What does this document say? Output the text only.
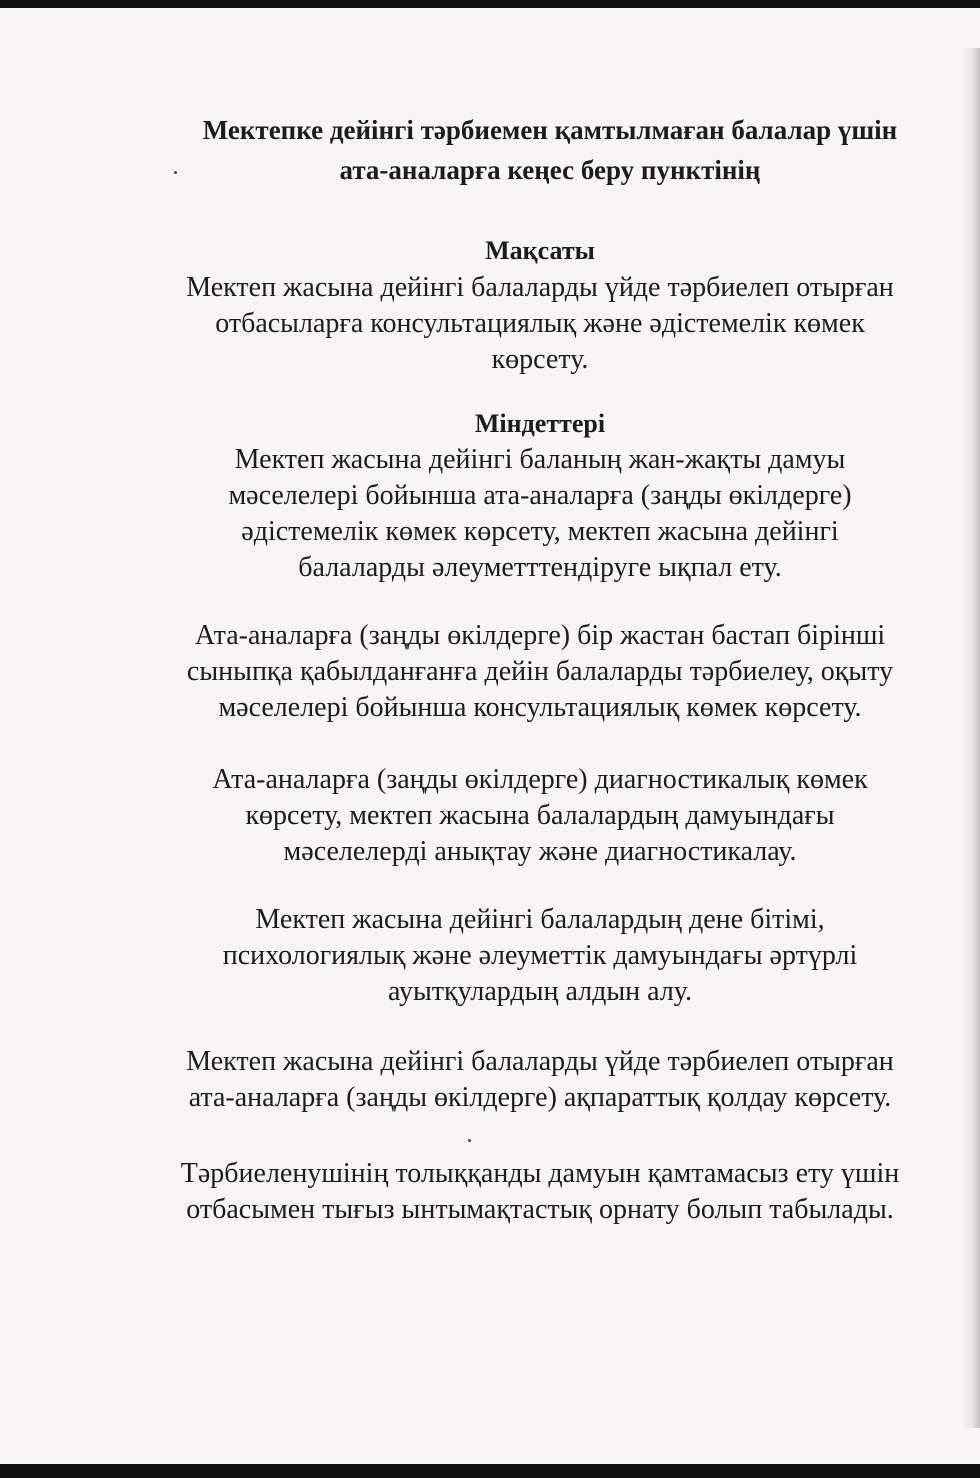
Мектепке дейінгі тәрбиемен қамтылмаған балалар үшін
ата-аналарға кеңес беру пунктінің
Мақсаты
Мектеп жасына дейінгі балаларды үйде тәрбиелеп отырған
отбасыларға консультациялық және әдістемелік көмек
көрсету.
Міндеттері
Мектеп жасына дейінгі баланың жан-жақты дамуы
мәселелері бойынша ата-аналарға (заңды өкілдерге)
әдістемелік көмек көрсету, мектеп жасына дейінгі
балаларды әлеуметттендіруге ықпал ету.
Ата-аналарға (заңды өкілдерге) бір жастан бастап бірінші
сыныпқа қабылданғанға дейін балаларды тәрбиелеу, оқыту
мәселелері бойынша консультациялық көмек көрсету.
Ата-аналарға (заңды өкілдерге) диагностикалық көмек
көрсету, мектеп жасына балалардың дамуындағы
мәселелерді анықтау және диагностикалау.
Мектеп жасына дейінгі балалардың дене бітімі,
психологиялық және әлеуметтік дамуындағы әртүрлі
ауытқулардың алдын алу.
Мектеп жасына дейінгі балаларды үйде тәрбиелеп отырған
ата-аналарға (заңды өкілдерге) ақпараттық қолдау көрсету.
Тәрбиеленушінің толыққанды дамуын қамтамасыз ету үшін
отбасымен тығыз ынтымақтастық орнату болып табылады.
